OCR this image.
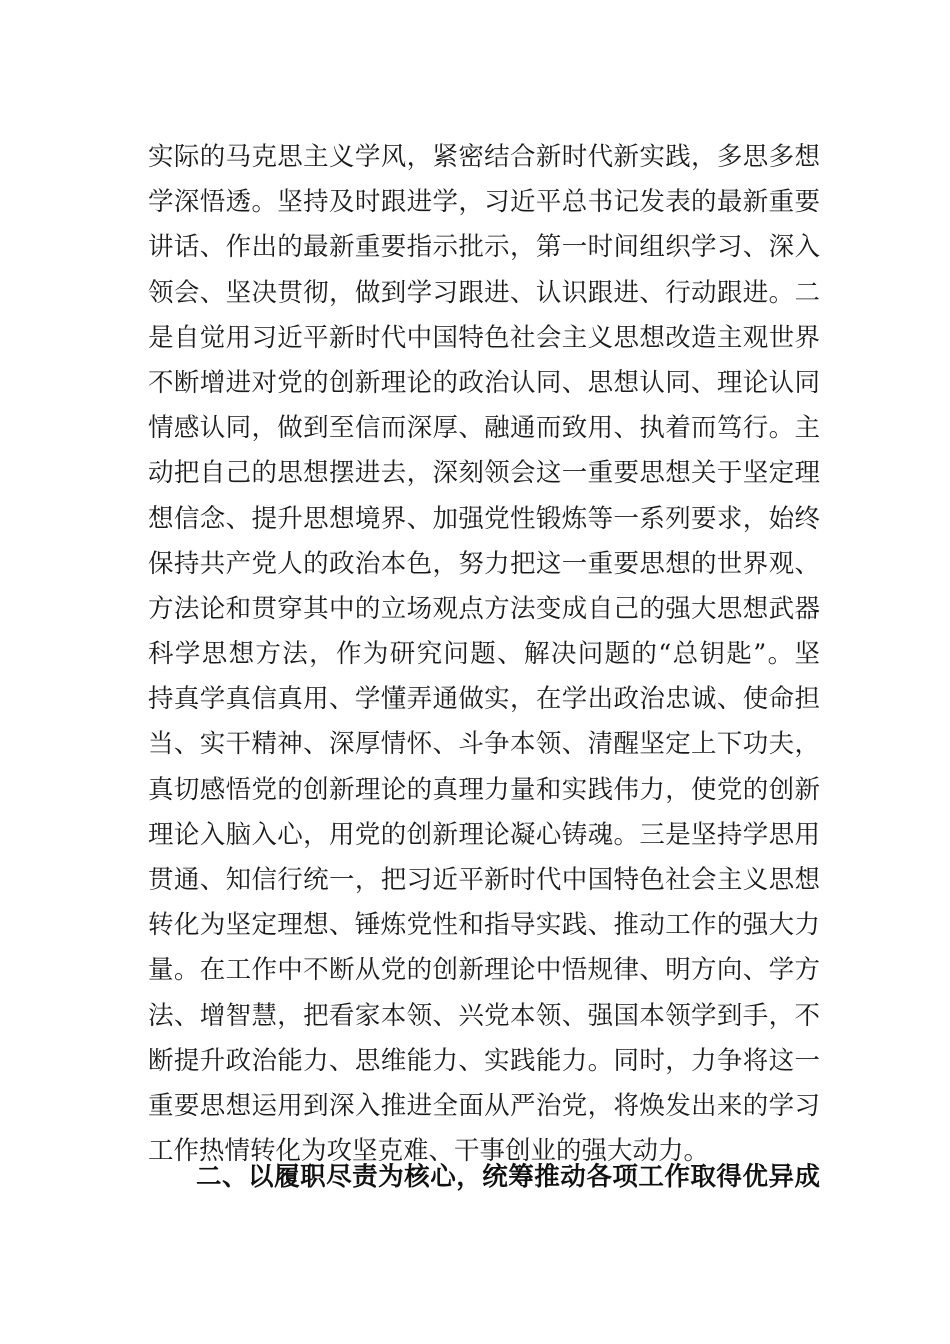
实际的马克思主义学风，紧密结合新时代新实践，多思多想
学深悟透。坚持及时跟进学，习近平总书记发表的最新重要
讲话、作出的最新重要指示批示，第一时间组织学习、深入
领会、坚决贯彻，做到学习跟进、认识跟进、行动跟进。二
是自觉用习近平新时代中国特色社会主义思想改造主观世界
不断增进对党的创新理论的政治认同、思想认同、理论认同
情感认同，做到至信而深厚、融通而致用、执着而笃行。主
动把自己的思想摆进去，深刻领会这一重要思想关于坚定理
想信念、提升思想境界、加强党性锻炼等一系列要求，始终
保持共产党人的政治本色，努力把这一重要思想的世界观、
方法论和贯穿其中的立场观点方法变成自己的强大思想武器
科学思想方法，作为研究问题、解决问题的“总钥匙”。坚
持真学真信真用、学懂弄通做实，在学出政治忠诚、使命担
当、实干精神、深厚情怀、斗争本领、清醒坚定上下功夫，
真切感悟党的创新理论的真理力量和实践伟力，使党的创新
理论入脑入心，用党的创新理论凝心铸魂。三是坚持学思用
贯通、知信行统一，把习近平新时代中国特色社会主义思想
转化为坚定理想、锤炼党性和指导实践、推动工作的强大力
量。在工作中不断从党的创新理论中悟规律、明方向、学方
法、增智慧，把看家本领、兴党本领、强国本领学到手，不
断提升政治能力、思维能力、实践能力。同时，力争将这一
重要思想运用到深入推进全面从严治党，将焕发出来的学习
工作热情转化为攻坚克难、干事创业的强大动力。
二、以履职尽责为核心，统筹推动各项工作取得优异成
